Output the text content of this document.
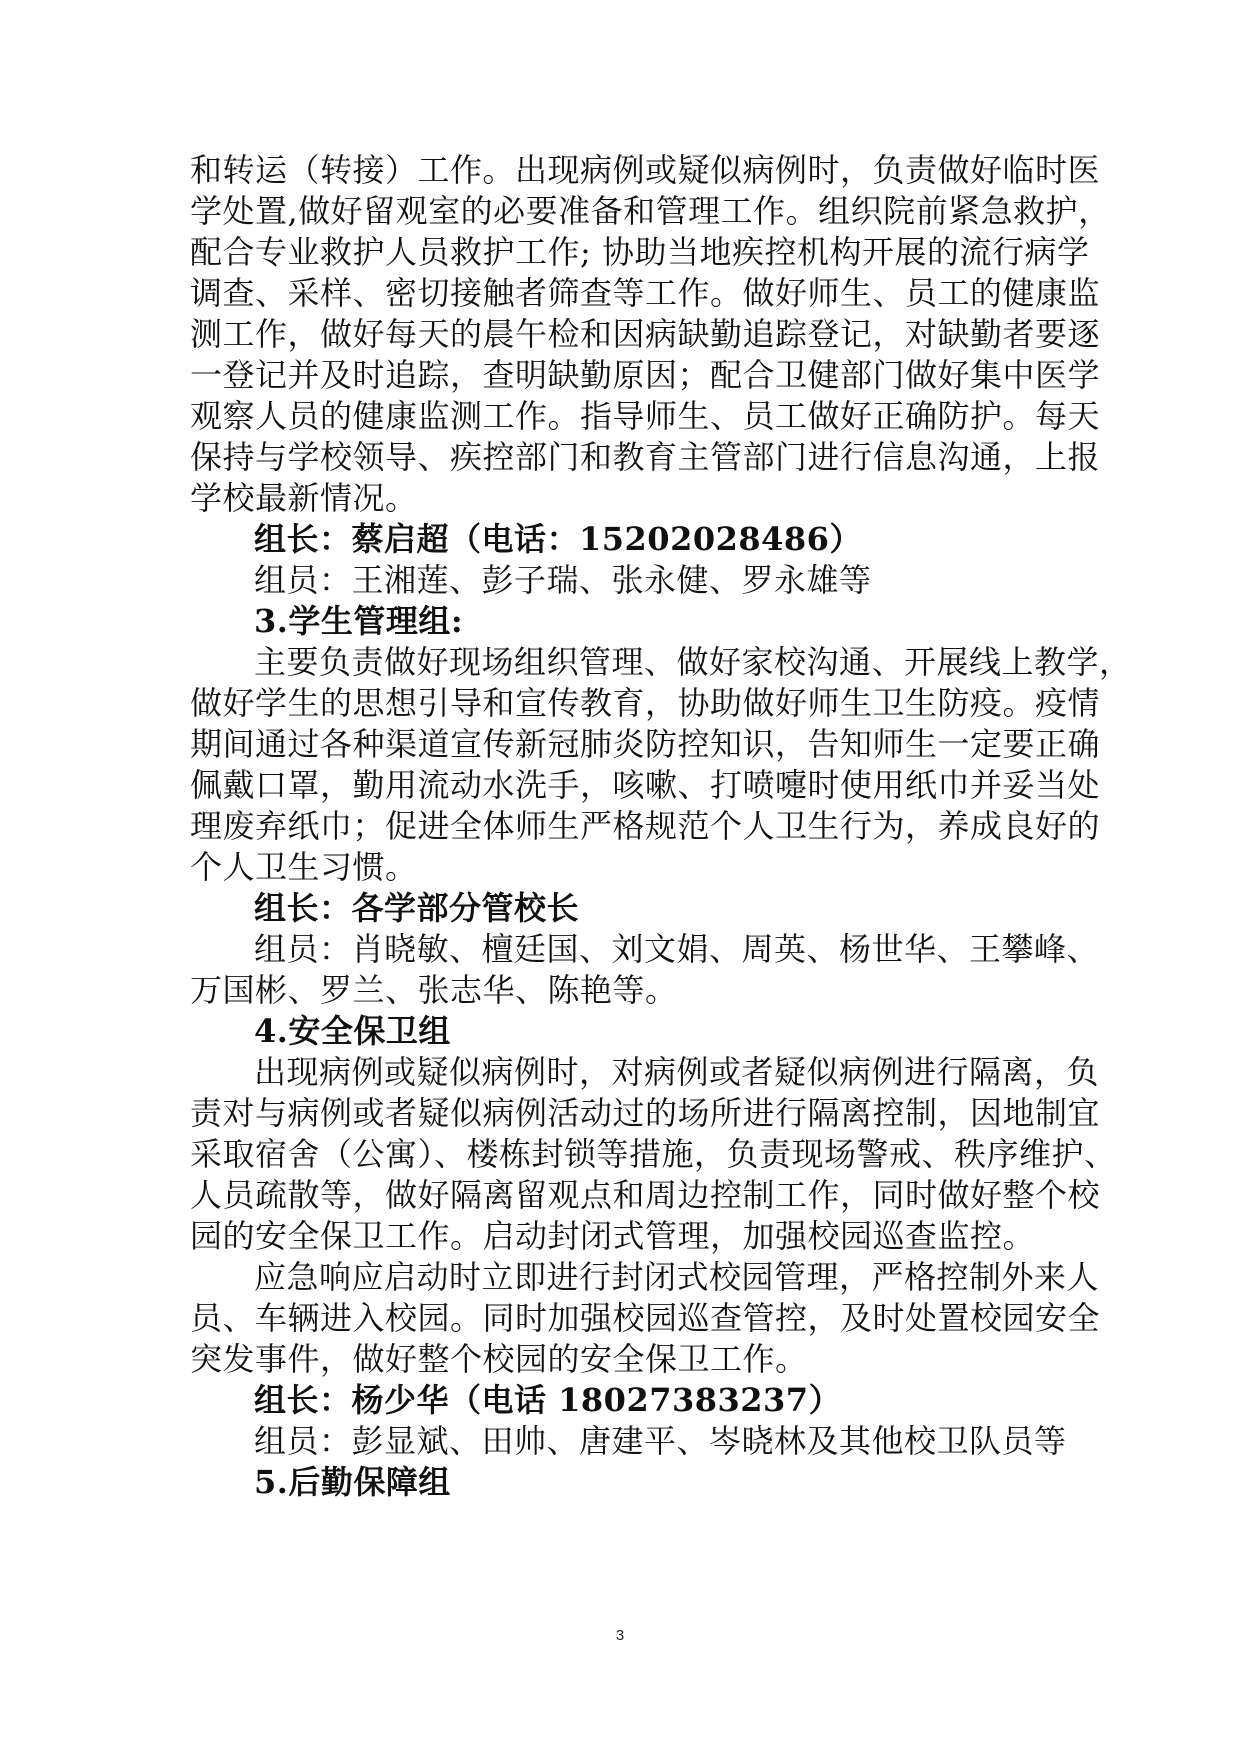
和转运（转接）工作。出现病例或疑似病例时，负责做好临时医
学处置,做好留观室的必要准备和管理工作。组织院前紧急救护，
配合专业救护人员救护工作; 协助当地疾控机构开展的流行病学
调查、采样、密切接触者筛查等工作。做好师生、员工的健康监
测工作，做好每天的晨午检和因病缺勤追踪登记，对缺勤者要逐
一登记并及时追踪，查明缺勤原因；配合卫健部门做好集中医学
观察人员的健康监测工作。指导师生、员工做好正确防护。每天
保持与学校领导、疾控部门和教育主管部门进行信息沟通，上报
学校最新情况。
组长：蔡启超（电话：15202028486）
组员：王湘莲、彭子瑞、张永健、罗永雄等
3.学生管理组:
主要负责做好现场组织管理、做好家校沟通、开展线上教学，
做好学生的思想引导和宣传教育，协助做好师生卫生防疫。疫情
期间通过各种渠道宣传新冠肺炎防控知识，告知师生一定要正确
佩戴口罩，勤用流动水洗手，咳嗽、打喷嚏时使用纸巾并妥当处
理废弃纸巾；促进全体师生严格规范个人卫生行为，养成良好的
个人卫生习惯。
组长：各学部分管校长
组员：肖晓敏、檀廷国、刘文娟、周英、杨世华、王攀峰、
万国彬、罗兰、张志华、陈艳等。
4.安全保卫组
出现病例或疑似病例时，对病例或者疑似病例进行隔离，负
责对与病例或者疑似病例活动过的场所进行隔离控制，因地制宜
采取宿舍（公寓）、楼栋封锁等措施，负责现场警戒、秩序维护、
人员疏散等，做好隔离留观点和周边控制工作，同时做好整个校
园的安全保卫工作。启动封闭式管理，加强校园巡查监控。
应急响应启动时立即进行封闭式校园管理，严格控制外来人
员、车辆进入校园。同时加强校园巡查管控，及时处置校园安全
突发事件，做好整个校园的安全保卫工作。
组长：杨少华（电话 18027383237）
组员：彭显斌、田帅、唐建平、岑晓林及其他校卫队员等
5.后勤保障组
3
